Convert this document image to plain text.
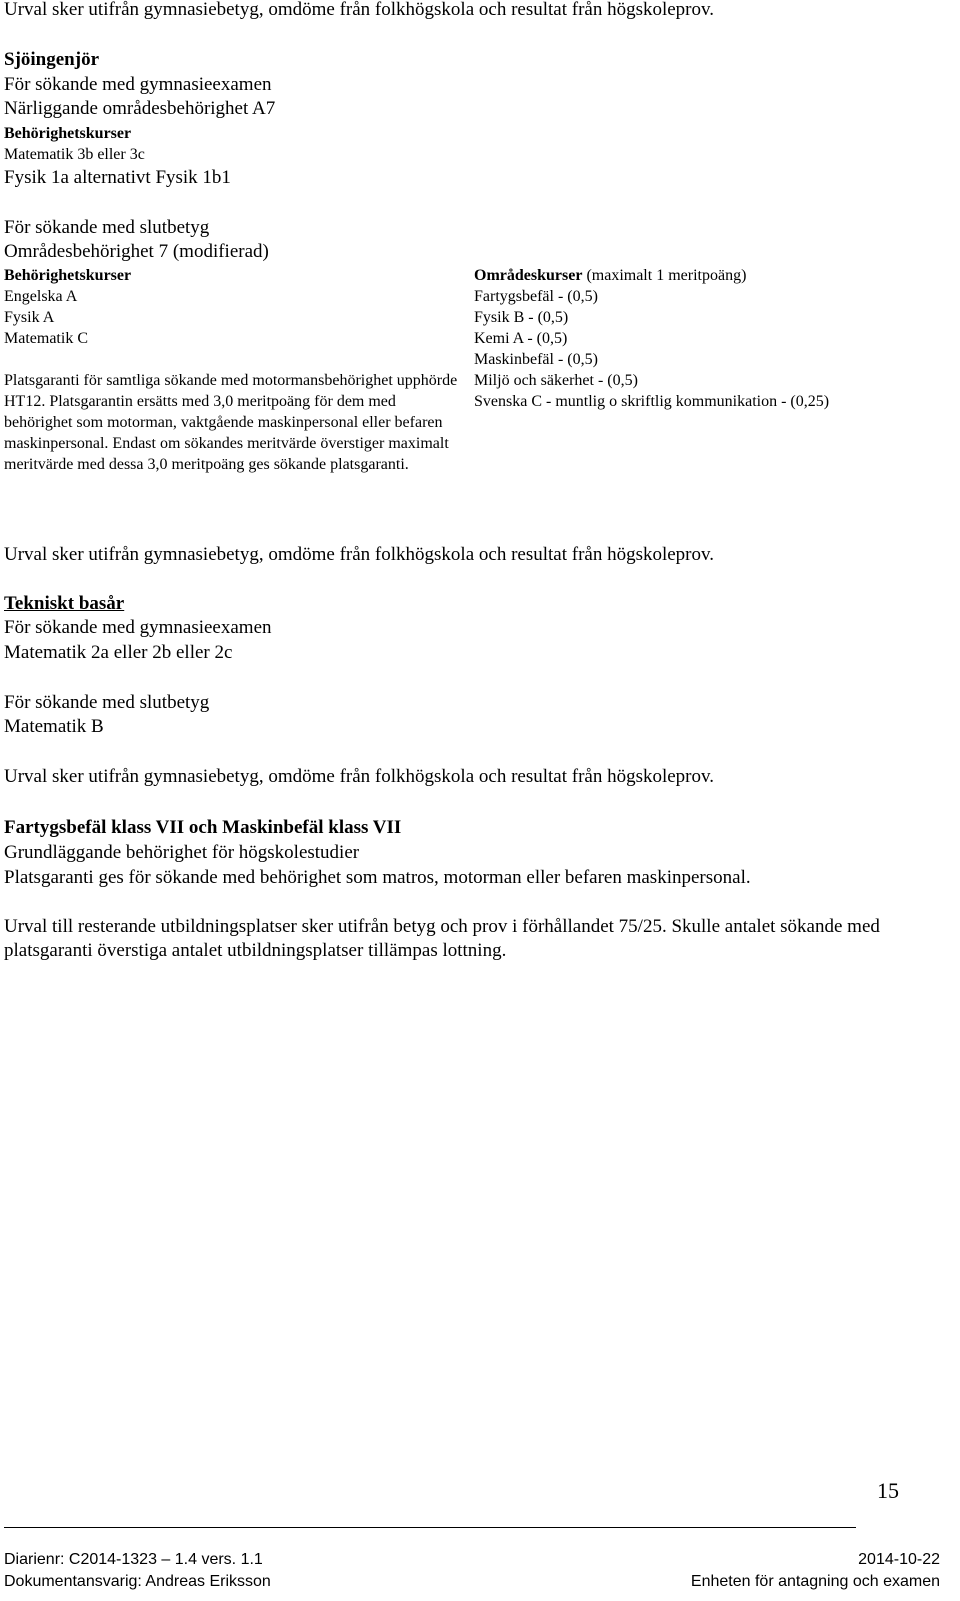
Urval sker utifrån gymnasiebetyg, omdöme från folkhögskola och resultat från högskoleprov.
Sjöingenjör
För sökande med gymnasieexamen
Närliggande områdesbehörighet A7
Behörighetskurser
Matematik 3b eller 3c
Fysik 1a alternativt Fysik 1b1
För sökande med slutbetyg
Områdesbehörighet 7 (modifierad)
Behörighetskurser
Engelska A
Fysik A
Matematik C
Områdeskurser (maximalt 1 meritpoäng)
Fartygsbefäl - (0,5)
Fysik B - (0,5)
Kemi A - (0,5)
Maskinbefäl - (0,5)
Miljö och säkerhet - (0,5)
Svenska C - muntlig o skriftlig kommunikation - (0,25)
Platsgaranti för samtliga sökande med motormansbehörighet upphörde HT12. Platsgarantin ersätts med 3,0 meritpoäng för dem med behörighet som motorman, vaktgående maskinpersonal eller befaren maskinpersonal. Endast om sökandes meritvärde överstiger maximalt meritvärde med dessa 3,0 meritpoäng ges sökande platsgaranti.
Urval sker utifrån gymnasiebetyg, omdöme från folkhögskola och resultat från högskoleprov.
Tekniskt basår
För sökande med gymnasieexamen
Matematik 2a eller 2b eller 2c
För sökande med slutbetyg
Matematik B
Urval sker utifrån gymnasiebetyg, omdöme från folkhögskola och resultat från högskoleprov.
Fartygsbefäl klass VII och Maskinbefäl klass VII
Grundläggande behörighet för högskolestudier
Platsgaranti ges för sökande med behörighet som matros, motorman eller befaren maskinpersonal.
Urval till resterande utbildningsplatser sker utifrån betyg och prov i förhållandet 75/25. Skulle antalet sökande med platsgaranti överstiga antalet utbildningsplatser tillämpas lottning.
15
Diarienr: C2014-1323 – 1.4 vers. 1.1	2014-10-22
Dokumentansvarig: Andreas Eriksson	Enheten för antagning och examen
